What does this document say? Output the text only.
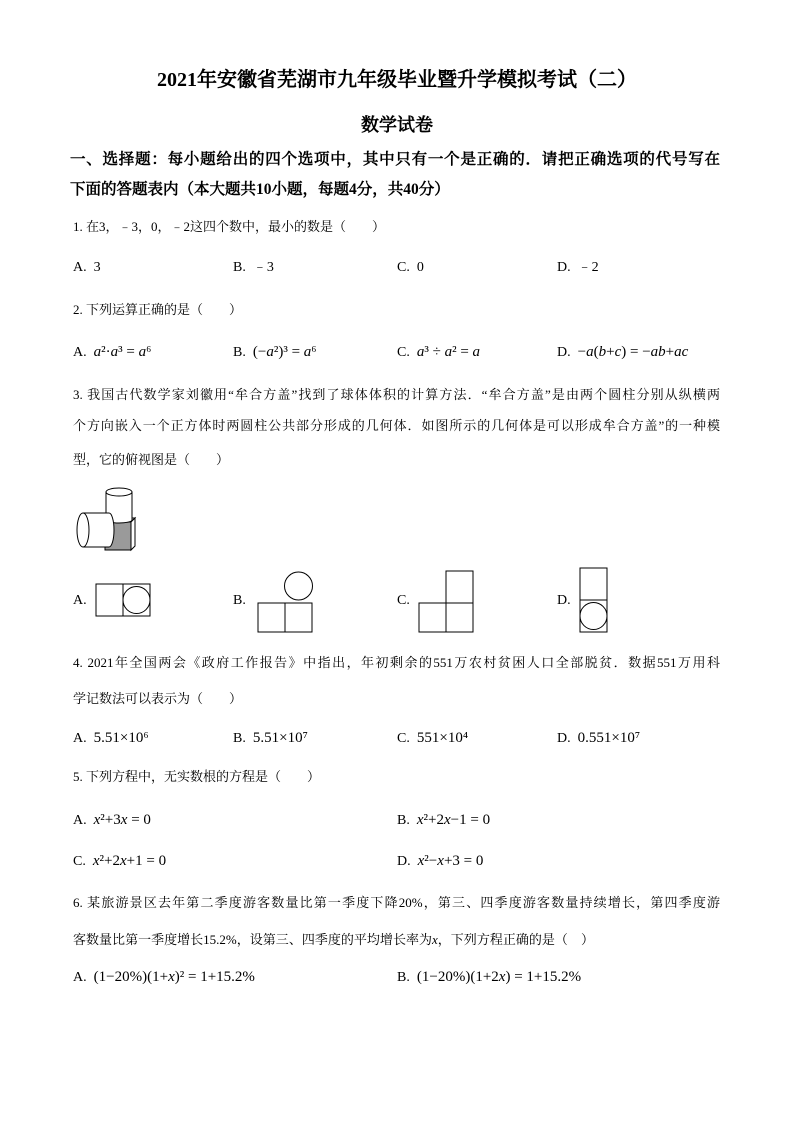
2021年安徽省芜湖市九年级毕业暨升学模拟考试（二）
数学试卷
一、选择题：每小题给出的四个选项中，其中只有一个是正确的．请把正确选项的代号写在
下面的答题表内（本大题共10小题，每题4分，共40分）
1. 在3，﹣3，0，﹣2这四个数中，最小的数是（　　）
A. 3	B. ﹣3	C. 0	D. ﹣2
2. 下列运算正确的是（　　）
A. a²·a³ = a⁶	B. (−a²)³ = a⁶	C. a³ ÷ a² = a	D. −a(b+c) = −ab+ac
3. 我国古代数学家刘徽用“牟合方盖”找到了球体体积的计算方法．“牟合方盖”是由两个圆柱分别从纵横两
个方向嵌入一个正方体时两圆柱公共部分形成的几何体．如图所示的几何体是可以形成牟合方盖”的一种模
型，它的俯视图是（　　）
A.	B.	C.	D.
4. 2021年全国两会《政府工作报告》中指出，年初剩余的551万农村贫困人口全部脱贫．数据551万用科
学记数法可以表示为（　　）
A. 5.51×10⁶	B. 5.51×10⁷	C. 551×10⁴	D. 0.551×10⁷
5. 下列方程中，无实数根的方程是（　　）
A. x²+3x = 0	B. x²+2x−1 = 0
C. x²+2x+1 = 0	D. x²−x+3 = 0
6. 某旅游景区去年第二季度游客数量比第一季度下降20%，第三、四季度游客数量持续增长，第四季度游
客数量比第一季度增长15.2%，设第三、四季度的平均增长率为x，下列方程正确的是（　 ）
A. (1−20%)(1+x)² = 1+15.2%	B. (1−20%)(1+2x) = 1+15.2%
